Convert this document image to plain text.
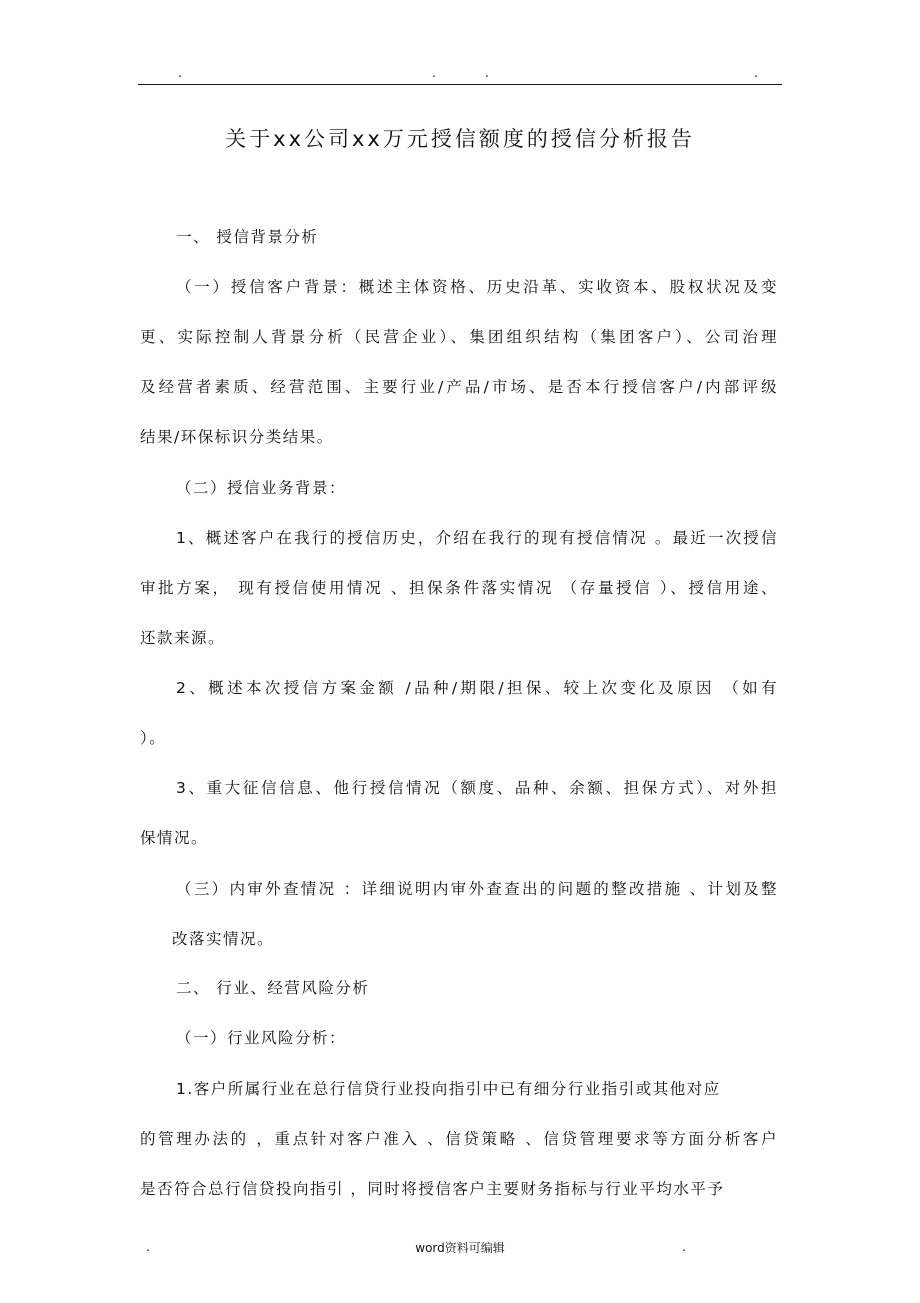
.	.	.	.
关于xx公司xx万元授信额度的授信分析报告
一、 授信背景分析
（一）授信客户背景：概述主体资格、历史沿革、实收资本、股权状况及变
更、实际控制人背景分析（民营企业）、集团组织结构（集团客户）、公司治理
及经营者素质、经营范围、主要行业/产品/市场、是否本行授信客户/内部评级
结果/环保标识分类结果。
（二）授信业务背景：
1、概述客户在我行的授信历史，介绍在我行的现有授信情况 。最近一次授信
审批方案， 现有授信使用情况 、担保条件落实情况 （存量授信 ）、授信用途、
还款来源。
2、概述本次授信方案金额 /品种/期限/担保、较上次变化及原因 （如有
）。
3、重大征信信息、他行授信情况（额度、品种、余额、担保方式）、对外担
保情况。
（三）内审外查情况 ：详细说明内审外查查出的问题的整改措施 、计划及整
改落实情况。
二、 行业、经营风险分析
（一）行业风险分析：
1.客户所属行业在总行信贷行业投向指引中已有细分行业指引或其他对应
的管理办法的 ，重点针对客户准入 、信贷策略 、信贷管理要求等方面分析客户
是否符合总行信贷投向指引 ，同时将授信客户主要财务指标与行业平均水平予
.	word资料可编辑	.
